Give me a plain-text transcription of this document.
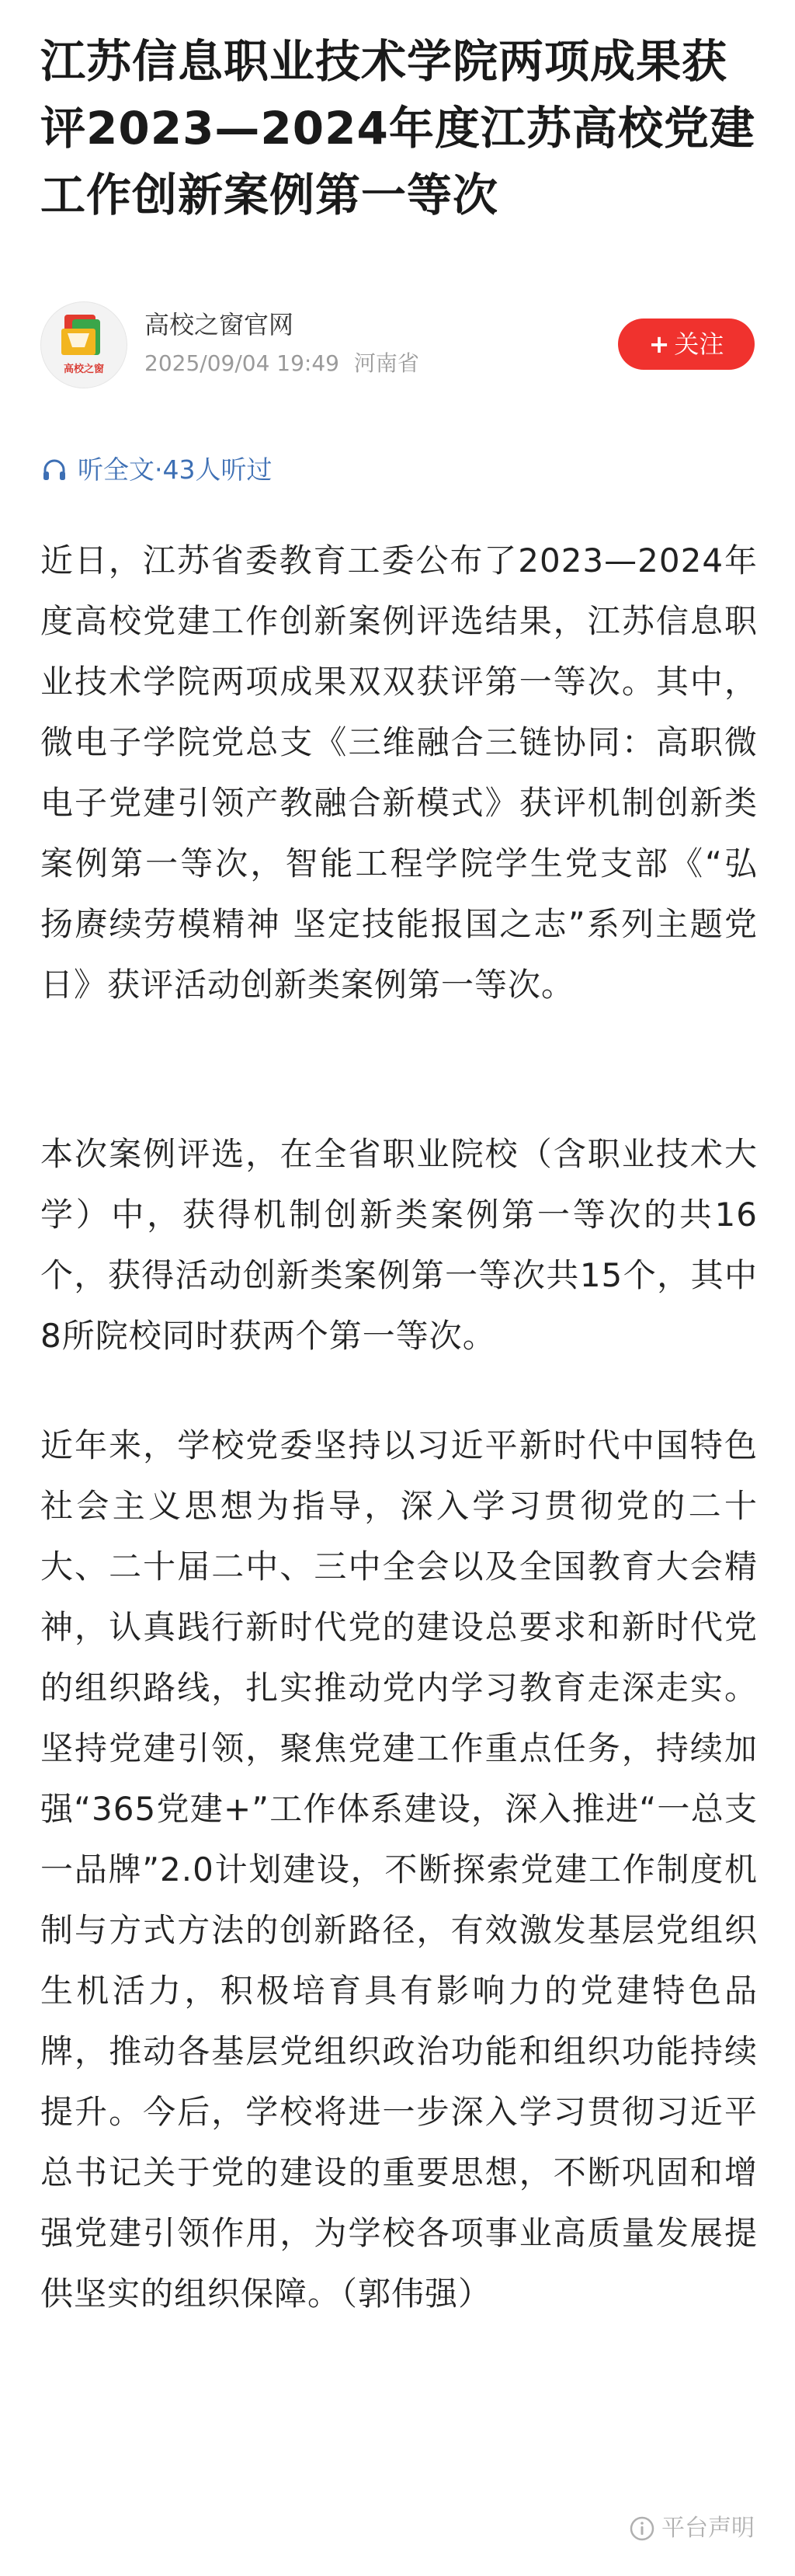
江苏信息职业技术学院两项成果获评2023—2024年度江苏高校党建工作创新案例第一等次
高校之窗
高校之窗官网
2025/09/04 19:49 河南省
+ 关注
听全文·43人听过

近日，江苏省委教育工委公布了2023—2024年度高校党建工作创新案例评选结果，江苏信息职业技术学院两项成果双双获评第一等次。其中，微电子学院党总支《三维融合三链协同：高职微电子党建引领产教融合新模式》获评机制创新类案例第一等次，智能工程学院学生党支部《“弘扬赓续劳模精神 坚定技能报国之志”系列主题党日》获评活动创新类案例第一等次。

本次案例评选，在全省职业院校（含职业技术大学）中，获得机制创新类案例第一等次的共16个，获得活动创新类案例第一等次共15个，其中8所院校同时获两个第一等次。

近年来，学校党委坚持以习近平新时代中国特色社会主义思想为指导，深入学习贯彻党的二十大、二十届二中、三中全会以及全国教育大会精神，认真践行新时代党的建设总要求和新时代党的组织路线，扎实推动党内学习教育走深走实。坚持党建引领，聚焦党建工作重点任务，持续加强“365党建+”工作体系建设，深入推进“一总支一品牌”2.0计划建设，不断探索党建工作制度机制与方式方法的创新路径，有效激发基层党组织生机活力，积极培育具有影响力的党建特色品牌，推动各基层党组织政治功能和组织功能持续提升。今后，学校将进一步深入学习贯彻习近平总书记关于党的建设的重要思想，不断巩固和增强党建引领作用，为学校各项事业高质量发展提供坚实的组织保障。（郭伟强）

平台声明
